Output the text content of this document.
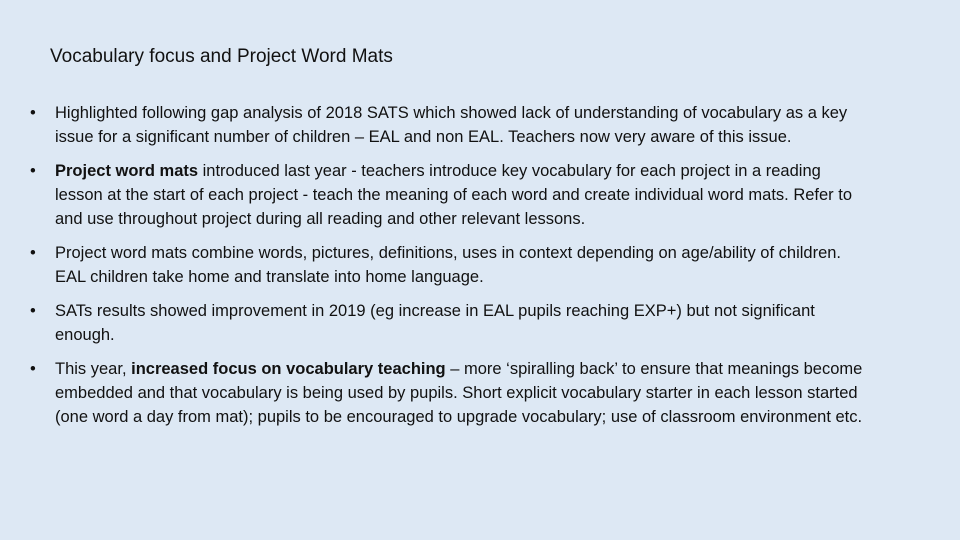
Vocabulary focus and Project Word Mats
•	Highlighted following gap analysis of 2018 SATS which showed lack of understanding of vocabulary as a key issue for a significant number of children – EAL and non EAL. Teachers now very aware of this issue.
•	Project word mats introduced last year - teachers introduce key vocabulary for each project in a reading lesson at the start of each project - teach the meaning of each word and create individual word mats. Refer to and use throughout project during all reading and other relevant lessons.
•	Project word mats combine words, pictures, definitions, uses in context depending on age/ability of children. EAL children take home and translate into home language.
•	SATs results showed improvement in 2019 (eg increase in EAL pupils reaching EXP+) but not significant enough.
•	This year, increased focus on vocabulary teaching – more ‘spiralling back’ to ensure that meanings become embedded and that vocabulary is being used by pupils. Short explicit vocabulary starter in each lesson started (one word a day from mat); pupils to be encouraged to upgrade vocabulary; use of classroom environment etc.
